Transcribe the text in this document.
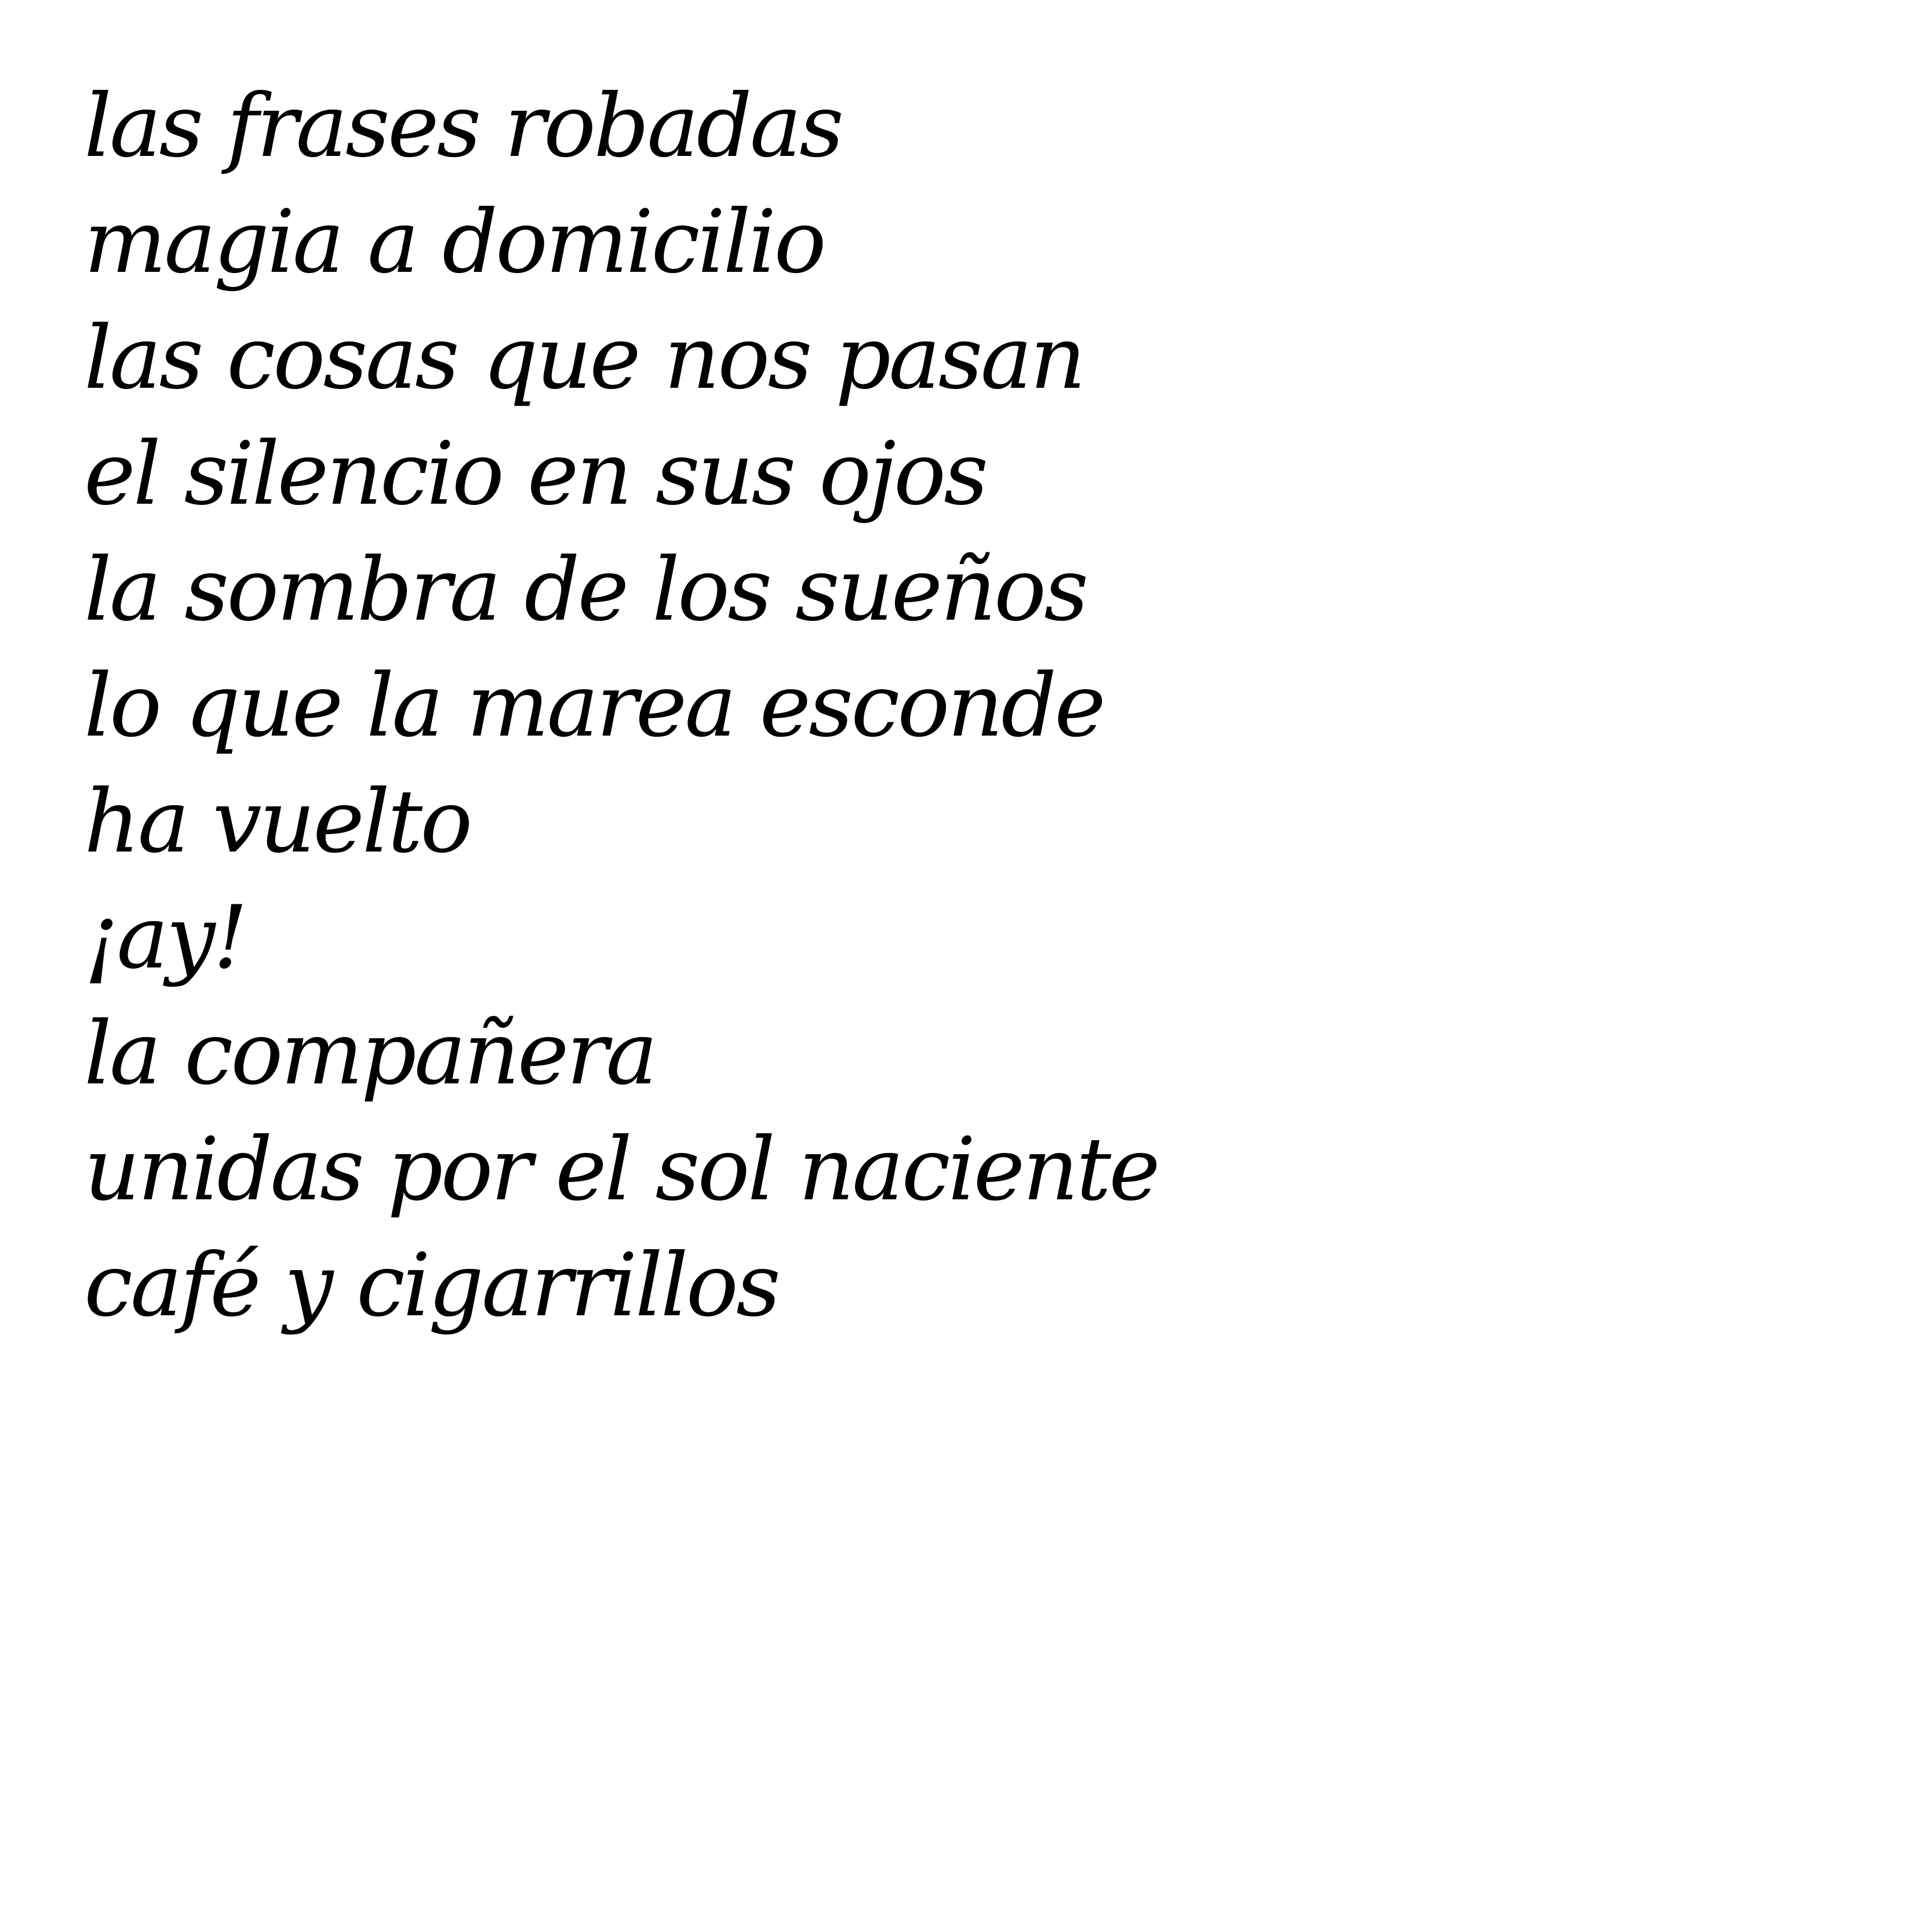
las frases robadas
magia a domicilio
las cosas que nos pasan
el silencio en sus ojos
la sombra de los sueños
lo que la marea esconde
ha vuelto
¡ay!
la compañera
unidas por el sol naciente
café y cigarrillos
